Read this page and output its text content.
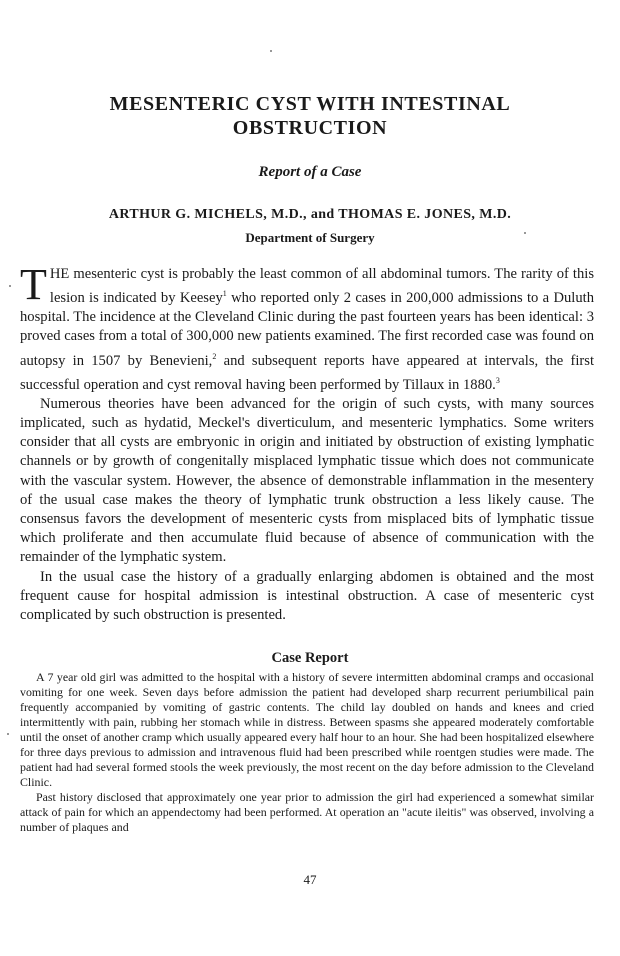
MESENTERIC CYST WITH INTESTINAL OBSTRUCTION
Report of a Case
ARTHUR G. MICHELS, M.D., and THOMAS E. JONES, M.D.
Department of Surgery

THE mesenteric cyst is probably the least common of all abdominal tumors. The rarity of this lesion is indicated by Keesey$^1$ who reported only 2 cases in 200,000 admissions to a Duluth hospital. The incidence at the Cleveland Clinic during the past fourteen years has been identical: 3 proved cases from a total of 300,000 new patients examined. The first recorded case was found on autopsy in 1507 by Benevieni,$^2$ and subsequent reports have appeared at intervals, the first successful operation and cyst removal having been performed by Tillaux in 1880.$^3$

Numerous theories have been advanced for the origin of such cysts, with many sources implicated, such as hydatid, Meckel's diverticulum, and mesenteric lymphatics. Some writers consider that all cysts are embryonic in origin and initiated by obstruction of existing lymphatic channels or by growth of congenitally misplaced lymphatic tissue which does not communicate with the vascular system. However, the absence of demonstrable inflammation in the mesentery of the usual case makes the theory of lymphatic trunk obstruction a less likely cause. The consensus favors the development of mesenteric cysts from misplaced bits of lymphatic tissue which proliferate and then accumulate fluid because of absence of communication with the remainder of the lymphatic system.

In the usual case the history of a gradually enlarging abdomen is obtained and the most frequent cause for hospital admission is intestinal obstruction. A case of mesenteric cyst complicated by such obstruction is presented.

Case Report

A 7 year old girl was admitted to the hospital with a history of severe intermitten abdominal cramps and occasional vomiting for one week. Seven days before admission the patient had developed sharp recurrent periumbilical pain frequently accompanied by vomiting of gastric contents. The child lay doubled on hands and knees and cried intermittently with pain, rubbing her stomach while in distress. Between spasms she appeared moderately comfortable until the onset of another cramp which usually appeared every half hour to an hour. She had been hospitalized elsewhere for three days previous to admission and intravenous fluid had been prescribed while roentgen studies were made. The patient had had several formed stools the week previously, the most recent on the day before admission to the Cleveland Clinic.

Past history disclosed that approximately one year prior to admission the girl had experienced a somewhat similar attack of pain for which an appendectomy had been performed. At operation an "acute ileitis" was observed, involving a number of plaques and

47
